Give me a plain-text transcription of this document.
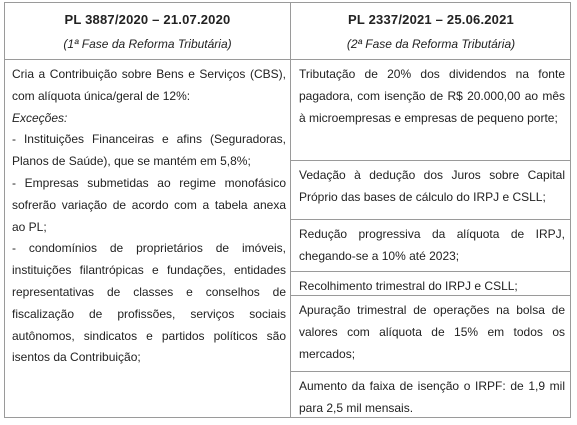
PL 3887/2020 – 21.07.2020
(1ª Fase da Reforma Tributária)

Cria a Contribuição sobre Bens e Serviços (CBS), com alíquota única/geral de 12%:

Exceções:

- Instituições Financeiras e afins (Seguradoras, Planos de Saúde), que se mantém em 5,8%;

- Empresas submetidas ao regime monofásico sofrerão variação de acordo com a tabela anexa ao PL;

- condomínios de proprietários de imóveis, instituições filantrópicas e fundações, entidades representativas de classes e conselhos de fiscalização de profissões, serviços sociais autônomos, sindicatos e partidos políticos são isentos da Contribuição;

PL 2337/2021 – 25.06.2021
(2ª Fase da Reforma Tributária)
Tributação de 20% dos dividendos na fonte pagadora, com isenção de R$ 20.000,00 ao mês à microempresas e empresas de pequeno porte;
Vedação à dedução dos Juros sobre Capital Próprio das bases de cálculo do IRPJ e CSLL;
Redução progressiva da alíquota de IRPJ, chegando-se a 10% até 2023;
Recolhimento trimestral do IRPJ e CSLL;
Apuração trimestral de operações na bolsa de valores com alíquota de 15% em todos os mercados;
Aumento da faixa de isenção o IRPF: de 1,9 mil para 2,5 mil mensais.
